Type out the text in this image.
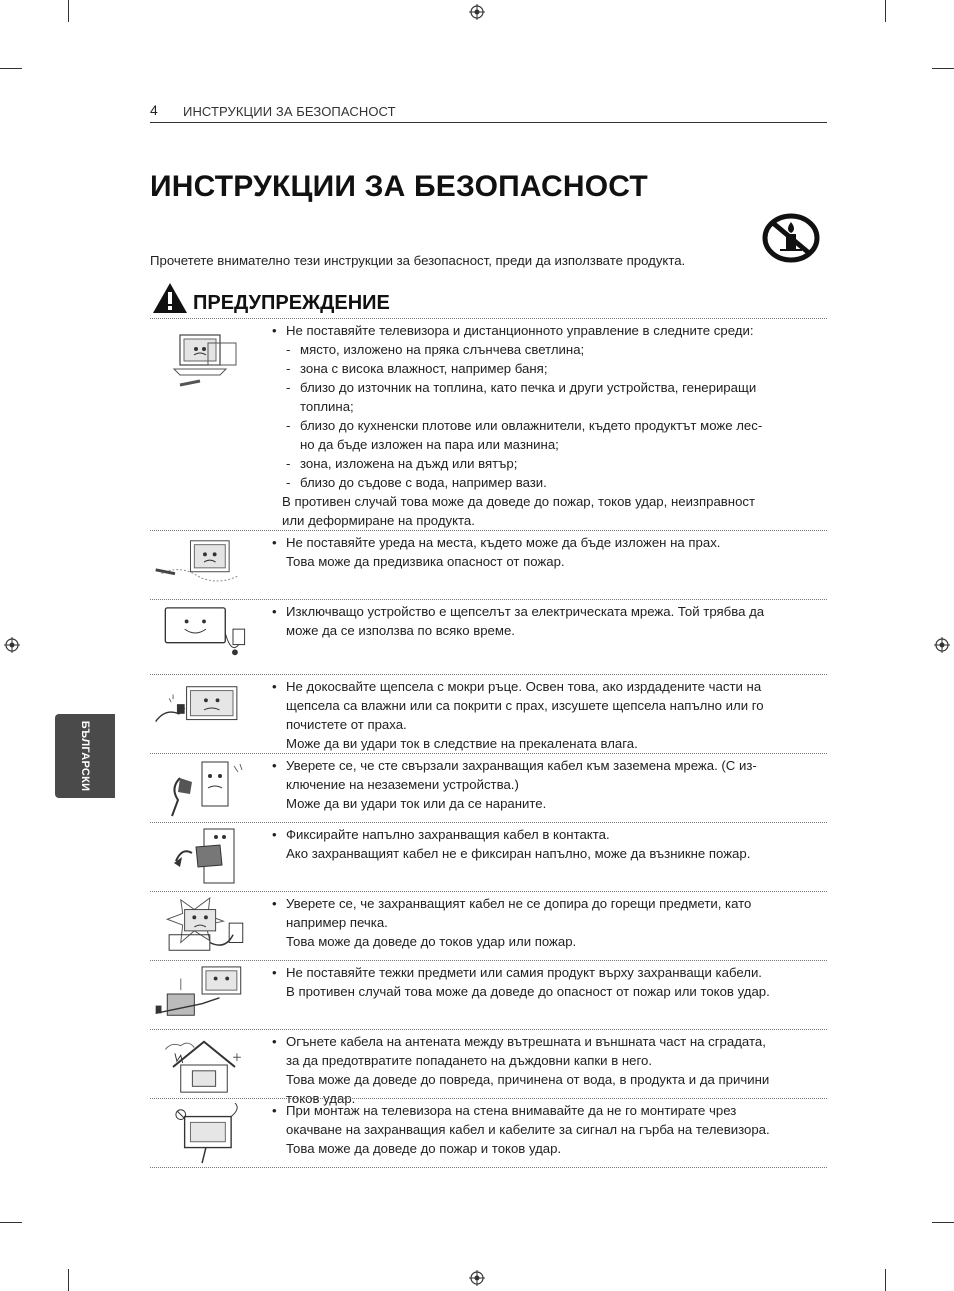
4 ИНСТРУКЦИИ ЗА БЕЗОПАСНОСТ
ИНСТРУКЦИИ ЗА БЕЗОПАСНОСТ
Прочетете внимателно тези инструкции за безопасност, преди да използвате продукта.
ПРЕДУПРЕЖДЕНИЕ
БЪЛГАРСКИ
• Не поставяйте телевизора и дистанционното управление в следните среди:
- място, изложено на пряка слънчева светлина;
- зона с висока влажност, например баня;
- близо до източник на топлина, като печка и други устройства, генериращи
топлина;
- близо до кухненски плотове или овлажнители, където продуктът може лес-
но да бъде изложен на пара или мазнина;
- зона, изложена на дъжд или вятър;
- близо до съдове с вода, например вази.
В противен случай това може да доведе до пожар, токов удар, неизправност
или деформиране на продукта.
• Не поставяйте уреда на места, където може да бъде изложен на прах.
Това може да предизвика опасност от пожар.
• Изключващо устройство е щепселът за електрическата мрежа. Той трябва да
може да се използва по всяко време.
• Не докосвайте щепсела с мокри ръце. Освен това, ако изрдадените части на
щепсела са влажни или са покрити с прах, изсушете щепсела напълно или го
почистете от праха.
Може да ви удари ток в следствие на прекалената влага.
• Уверете се, че сте свързали захранващия кабел към заземена мрежа. (С из-
ключение на незаземени устройства.)
Може да ви удари ток или да се нараните.
• Фиксирайте напълно захранващия кабел в контакта.
Ако захранващият кабел не е фиксиран напълно, може да възникне пожар.
• Уверете се, че захранващият кабел не се допира до горещи предмети, като
например печка.
Това може да доведе до токов удар или пожар.
• Не поставяйте тежки предмети или самия продукт върху захранващи кабели.
В противен случай това може да доведе до опасност от пожар или токов удар.
• Огънете кабела на антената между вътрешната и външната част на сградата,
за да предотвратите попадането на дъждовни капки в него.
Това може да доведе до повреда, причинена от вода, в продукта и да причини
токов удар.
• При монтаж на телевизора на стена внимавайте да не го монтирате чрез
окачване на захранващия кабел и кабелите за сигнал на гърба на телевизора.
Това може да доведе до пожар и токов удар.
